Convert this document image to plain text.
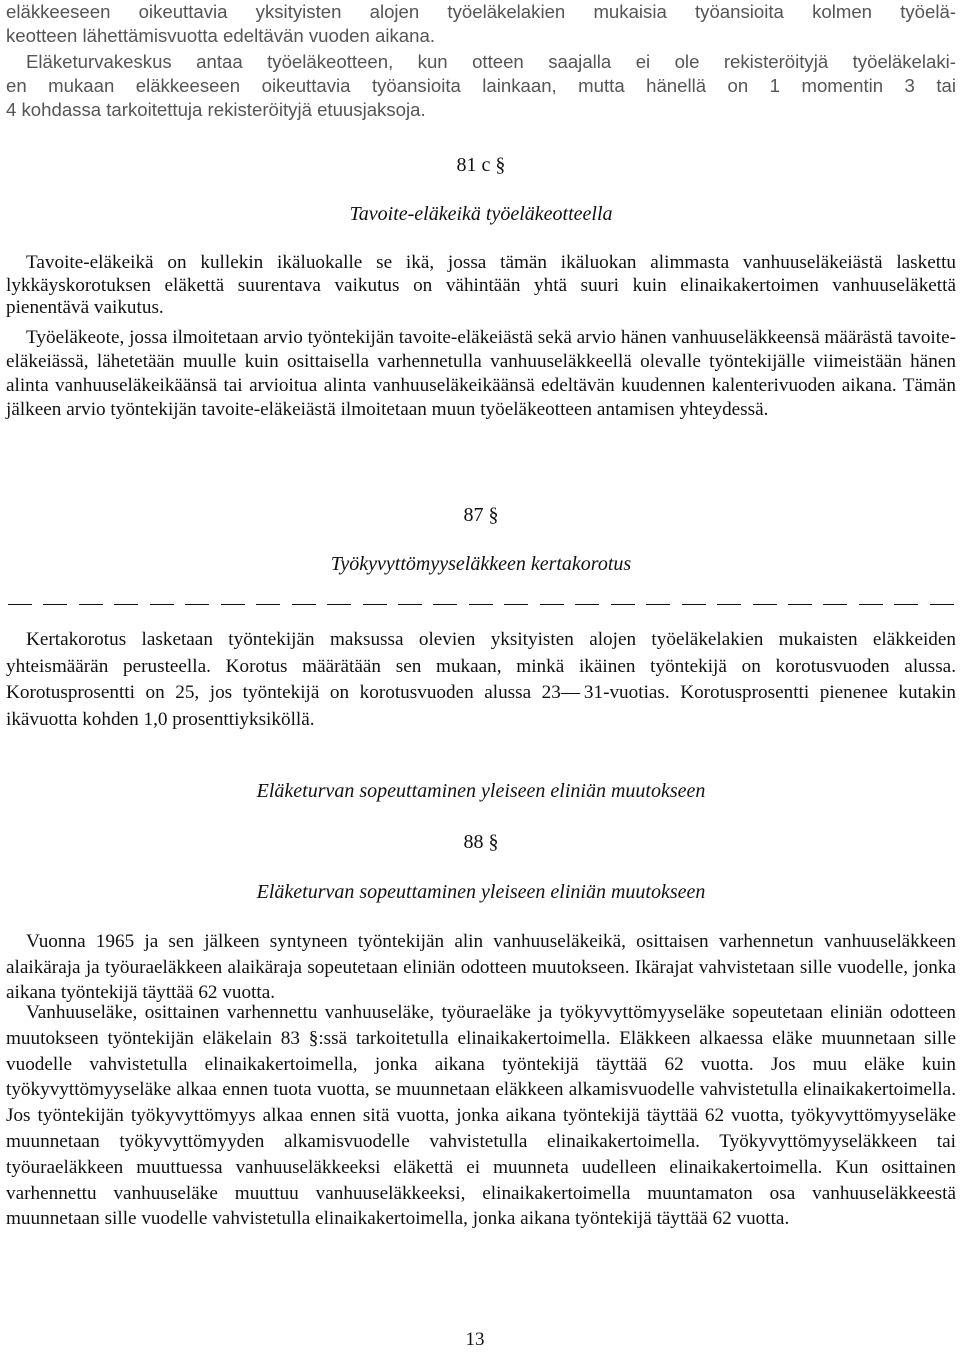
eläkkeeseen oikeuttavia yksityisten alojen työeläkelakien mukaisia työansioita kolmen työelä-

keotteen lähettämisvuotta edeltävän vuoden aikana.

Eläketurvakeskus antaa työeläkeotteen, kun otteen saajalla ei ole rekisteröityjä työeläkelaki-

en mukaan eläkkeeseen oikeuttavia työansioita lainkaan, mutta hänellä on 1 momentin 3 tai

4 kohdassa tarkoitettuja rekisteröityjä etuusjaksoja.

81 c §

Tavoite-eläkeikä työeläkeotteella

Tavoite-eläkeikä on kullekin ikäluokalle se ikä, jossa tämän ikäluokan alimmasta vanhuuseläkeiästä laskettu lykkäyskorotuksen eläkettä suurentava vaikutus on vähintään yhtä suuri kuin elinaikakertoimen vanhuuseläkettä pienentävä vaikutus.

Työeläkeote, jossa ilmoitetaan arvio työntekijän tavoite-eläkeiästä sekä arvio hänen vanhuuseläkkeensä määrästä tavoite-eläkeiässä, lähetetään muulle kuin osittaisella varhennetulla vanhuuseläkkeellä olevalle työntekijälle viimeistään hänen alinta vanhuuseläkeikäänsä tai arvioitua alinta vanhuuseläkeikäänsä edeltävän kuudennen kalenterivuoden aikana. Tämän jälkeen arvio työntekijän tavoite-eläkeiästä ilmoitetaan muun työeläkeotteen antamisen yhteydessä.

87 §

Työkyvyttömyyseläkkeen kertakorotus

Kertakorotus lasketaan työntekijän maksussa olevien yksityisten alojen työeläkelakien mukaisten eläkkeiden yhteismäärän perusteella. Korotus määrätään sen mukaan, minkä ikäinen työntekijä on korotusvuoden alussa. Korotusprosentti on 25, jos työntekijä on korotusvuoden alussa 23— 31-vuotias. Korotusprosentti pienenee kutakin ikävuotta kohden 1,0 prosenttiyksiköllä.

Eläketurvan sopeuttaminen yleiseen eliniän muutokseen

88 §

Eläketurvan sopeuttaminen yleiseen eliniän muutokseen

Vuonna 1965 ja sen jälkeen syntyneen työntekijän alin vanhuuseläkeikä, osittaisen varhennetun vanhuuseläkkeen alaikäraja ja työuraeläkkeen alaikäraja sopeutetaan eliniän odotteen muutokseen. Ikärajat vahvistetaan sille vuodelle, jonka aikana työntekijä täyttää 62 vuotta.

Vanhuuseläke, osittainen varhennettu vanhuuseläke, työuraeläke ja työkyvyttömyyseläke sopeutetaan eliniän odotteen muutokseen työntekijän eläkelain 83 §:ssä tarkoitetulla elinaikakertoimella. Eläkkeen alkaessa eläke muunnetaan sille vuodelle vahvistetulla elinaikakertoimella, jonka aikana työntekijä täyttää 62 vuotta. Jos muu eläke kuin työkyvyttömyyseläke alkaa ennen tuota vuotta, se muunnetaan eläkkeen alkamisvuodelle vahvistetulla elinaikakertoimella. Jos työntekijän työkyvyttömyys alkaa ennen sitä vuotta, jonka aikana työntekijä täyttää 62 vuotta, työkyvyttömyyseläke muunnetaan työkyvyttömyyden alkamisvuodelle vahvistetulla elinaikakertoimella. Työkyvyttömyyseläkkeen tai työuraeläkkeen muuttuessa vanhuuseläkkeeksi eläkettä ei muunneta uudelleen elinaikakertoimella. Kun osittainen varhennettu vanhuuseläke muuttuu vanhuuseläkkeeksi, elinaikakertoimella muuntamaton osa vanhuuseläkkeestä muunnetaan sille vuodelle vahvistetulla elinaikakertoimella, jonka aikana työntekijä täyttää 62 vuotta.

13
